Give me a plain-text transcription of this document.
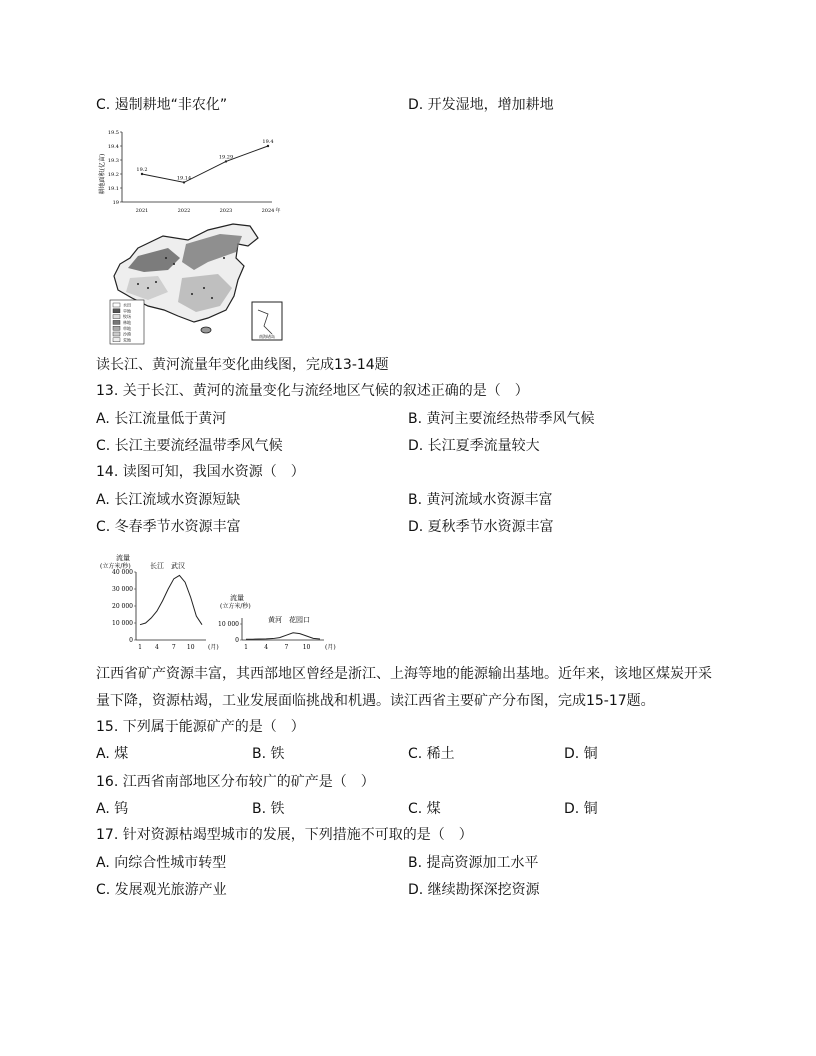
C. 遏制耕地“非农化”	D. 开发湿地，增加耕地
19.5
19.4
19.3
19.2
19.1
19
2021	2022	2023	2024 年
19.2
19.14
19.29
19.4
耕地面积(亿亩)
南海诸岛
水田
旱地
牧场
林地
草地
沙漠
荒地
读长江、黄河流量年变化曲线图，完成13-14题
13. 关于长江、黄河的流量变化与流经地区气候的叙述正确的是（　）
A. 长江流量低于黄河	B. 黄河主要流经热带季风气候
C. 长江主要流经温带季风气候	D. 长江夏季流量较大
14. 读图可知，我国水资源（　）
A. 长江流域水资源短缺	B. 黄河流域水资源丰富
C. 冬春季节水资源丰富	D. 夏秋季节水资源丰富
流量
(立方米/秒)	长江　武汉
流量
(立方米/秒)
黄河　花园口
40 000
30 000
20 000
10 000
0
1 4 7 10 (月)
10 000
0
1	4	7 10 (月)
江西省矿产资源丰富，其西部地区曾经是浙江、上海等地的能源输出基地。近年来，该地区煤炭开采
量下降，资源枯竭，工业发展面临挑战和机遇。读江西省主要矿产分布图，完成15-17题。
15. 下列属于能源矿产的是（　）
A. 煤	B. 铁	C. 稀土	D. 铜
16. 江西省南部地区分布较广的矿产是（　）
A. 钨	B. 铁	C. 煤	D. 铜
17. 针对资源枯竭型城市的发展，下列措施不可取的是（　）
A. 向综合性城市转型	B. 提高资源加工水平
C. 发展观光旅游产业	D. 继续勘探深挖资源
